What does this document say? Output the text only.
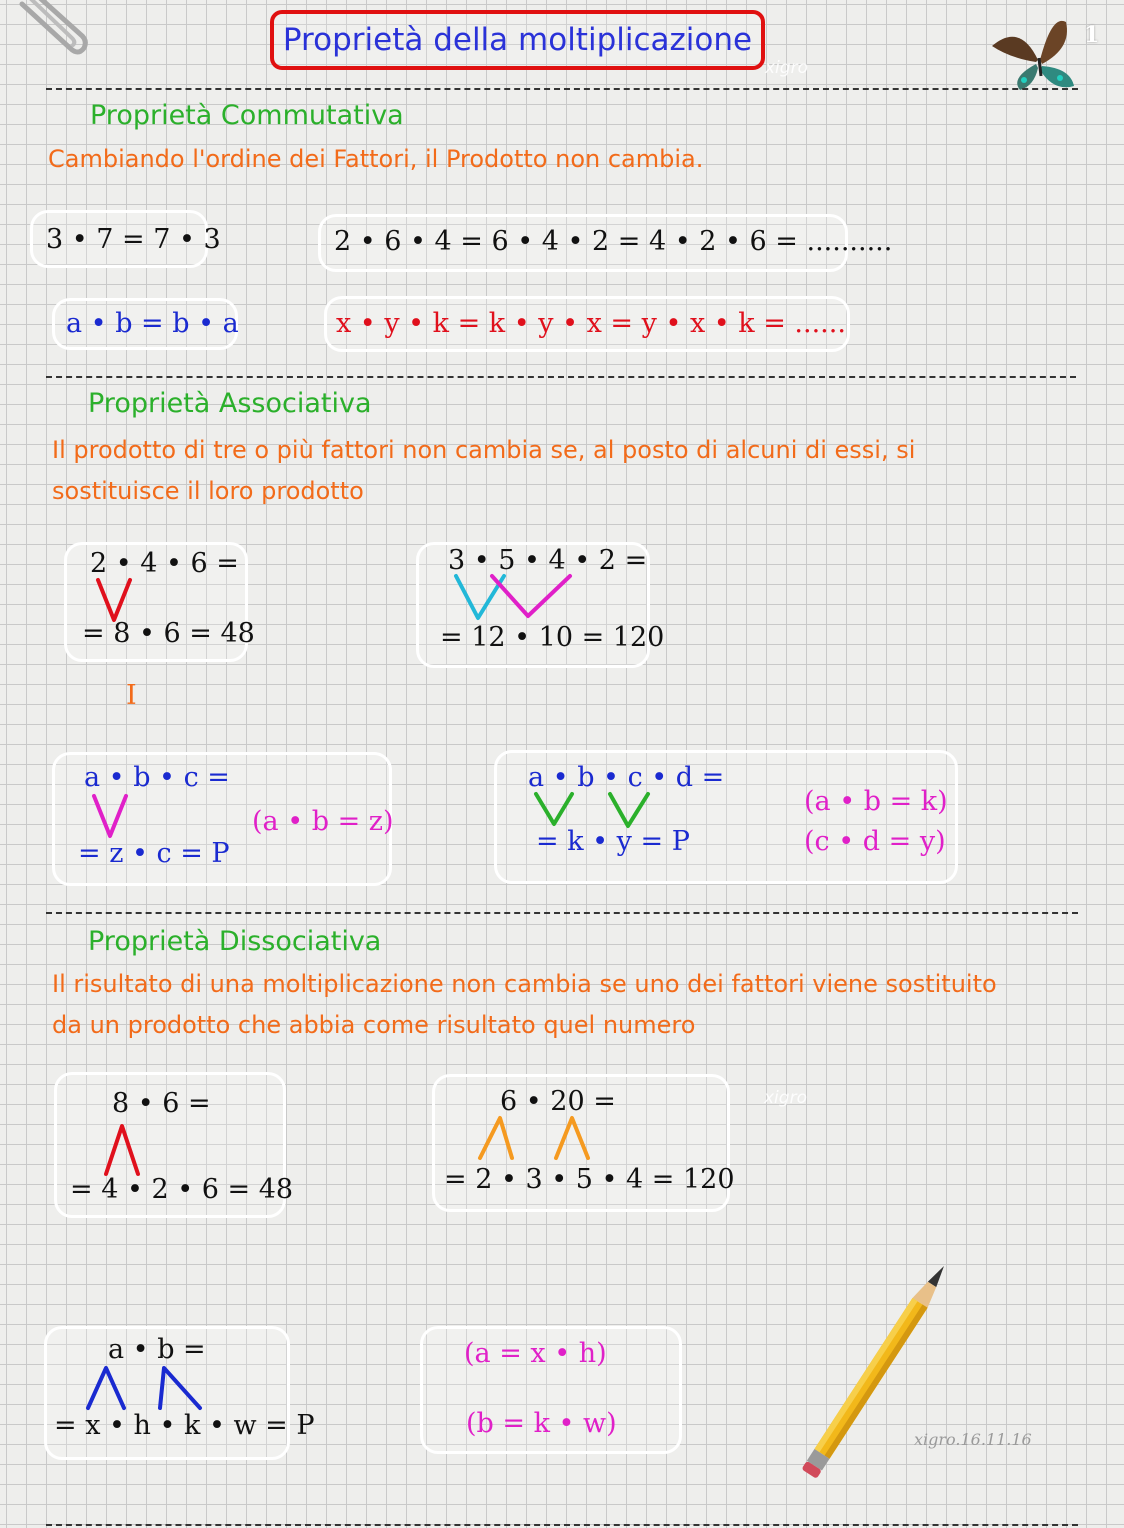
Proprietà della moltiplicazione
xigro
1
Proprietà Commutativa
Cambiando l'ordine dei Fattori, il Prodotto non cambia.
3 • 7 = 7 • 3	2 • 6 • 4 = 6 • 4 • 2 = 4 • 2 • 6 = ..........
a • b = b • a	x • y • k = k • y • x = y • x • k = ......
Proprietà Associativa
Il prodotto di tre o più fattori non cambia se, al posto di alcuni di essi, si
sostituisce il loro prodotto
2 • 4 • 6 =
= 8 • 6 = 48
3 • 5 • 4 • 2 =
= 12 • 10 = 120
I
a • b • c =
= z • c = P
(a • b = z)
a • b • c • d =
= k • y = P
(a • b = k)
(c • d = y)
Proprietà Dissociativa
Il risultato di una moltiplicazione non cambia se uno dei fattori viene sostituito
da un prodotto che abbia come risultato quel numero
8 • 6 =
= 4 • 2 • 6 = 48
xigro
6 • 20 =
= 2 • 3 • 5 • 4 = 120
a • b =
= x • h • k • w = P
(a = x • h)
(b = k • w)
xigro.16.11.16
